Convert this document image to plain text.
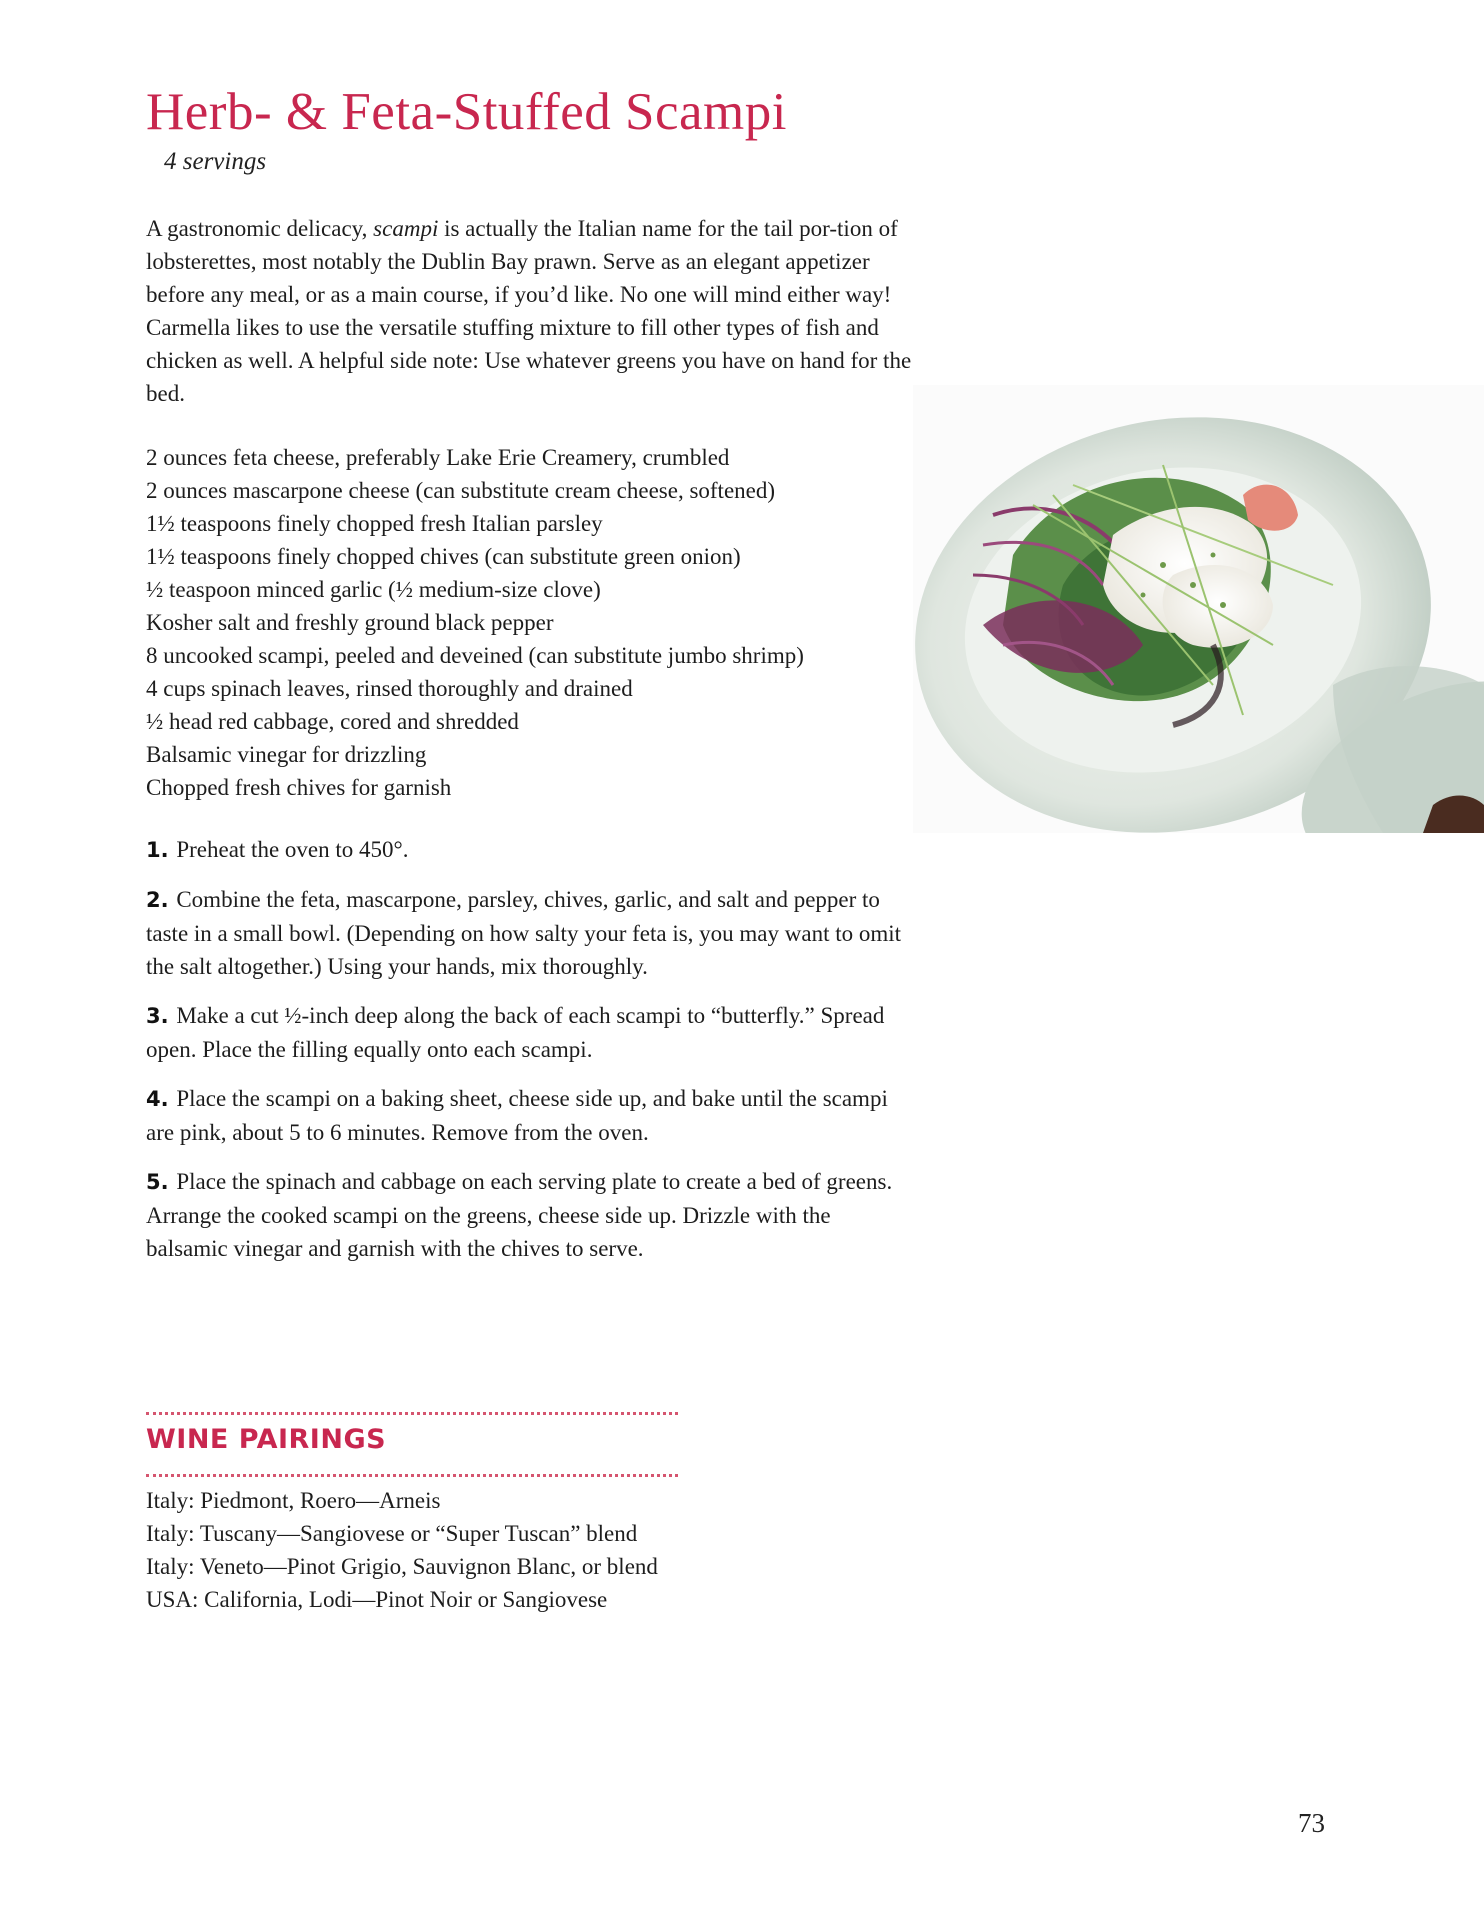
Herb- & Feta-Stuffed Scampi
4 servings

A gastronomic delicacy, scampi is actually the Italian name for the tail por-tion of lobsterettes, most notably the Dublin Bay prawn. Serve as an elegant appetizer before any meal, or as a main course, if you’d like. No one will mind either way! Carmella likes to use the versatile stuffing mixture to fill other types of fish and chicken as well. A helpful side note: Use whatever greens you have on hand for the bed.

2 ounces feta cheese, preferably Lake Erie Creamery, crumbled
2 ounces mascarpone cheese (can substitute cream cheese, softened)
1½ teaspoons finely chopped fresh Italian parsley
1½ teaspoons finely chopped chives (can substitute green onion)
½ teaspoon minced garlic (½ medium-size clove)
Kosher salt and freshly ground black pepper
8 uncooked scampi, peeled and deveined (can substitute jumbo shrimp)
4 cups spinach leaves, rinsed thoroughly and drained
½ head red cabbage, cored and shredded
Balsamic vinegar for drizzling
Chopped fresh chives for garnish

1. Preheat the oven to 450°.

2. Combine the feta, mascarpone, parsley, chives, garlic, and salt and pepper to taste in a small bowl. (Depending on how salty your feta is, you may want to omit the salt altogether.) Using your hands, mix thoroughly.

3. Make a cut ½-inch deep along the back of each scampi to “butterfly.” Spread open. Place the filling equally onto each scampi.

4. Place the scampi on a baking sheet, cheese side up, and bake until the scampi are pink, about 5 to 6 minutes. Remove from the oven.

5. Place the spinach and cabbage on each serving plate to create a bed of greens. Arrange the cooked scampi on the greens, cheese side up. Drizzle with the balsamic vinegar and garnish with the chives to serve.

WINE PAIRINGS
Italy: Piedmont, Roero—Arneis
Italy: Tuscany—Sangiovese or “Super Tuscan” blend
Italy: Veneto—Pinot Grigio, Sauvignon Blanc, or blend
USA: California, Lodi—Pinot Noir or Sangiovese
73
